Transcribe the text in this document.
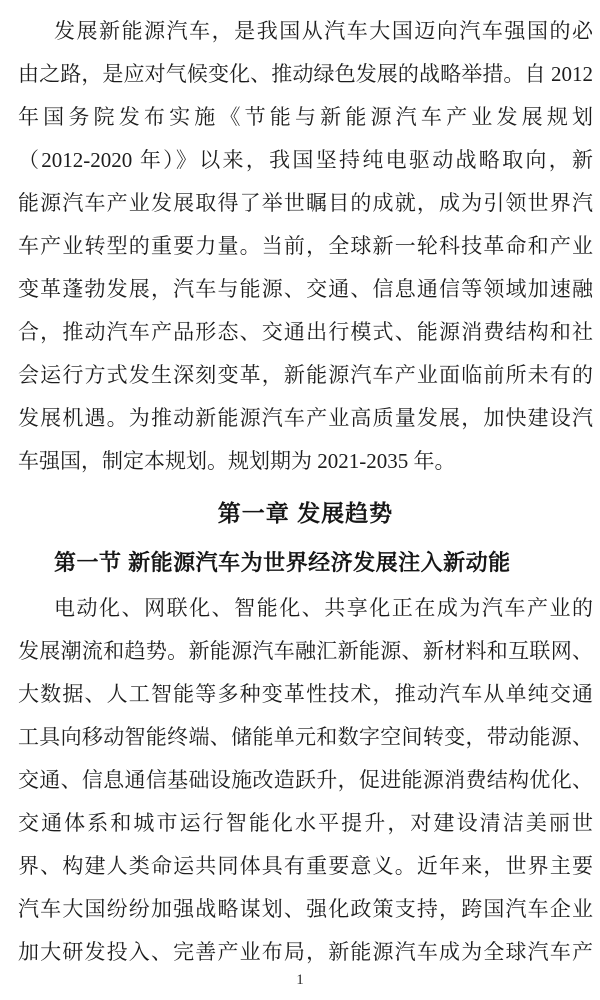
发展新能源汽车，是我国从汽车大国迈向汽车强国的必
由之路，是应对气候变化、推动绿色发展的战略举措。自 2012
年国务院发布实施《节能与新能源汽车产业发展规划
（2012-2020 年）》以来，我国坚持纯电驱动战略取向，新
能源汽车产业发展取得了举世瞩目的成就，成为引领世界汽
车产业转型的重要力量。当前，全球新一轮科技革命和产业
变革蓬勃发展，汽车与能源、交通、信息通信等领域加速融
合，推动汽车产品形态、交通出行模式、能源消费结构和社
会运行方式发生深刻变革，新能源汽车产业面临前所未有的
发展机遇。为推动新能源汽车产业高质量发展，加快建设汽
车强国，制定本规划。规划期为 2021-2035 年。
第一章 发展趋势
第一节 新能源汽车为世界经济发展注入新动能
电动化、网联化、智能化、共享化正在成为汽车产业的
发展潮流和趋势。新能源汽车融汇新能源、新材料和互联网、
大数据、人工智能等多种变革性技术，推动汽车从单纯交通
工具向移动智能终端、储能单元和数字空间转变，带动能源、
交通、信息通信基础设施改造跃升，促进能源消费结构优化、
交通体系和城市运行智能化水平提升，对建设清洁美丽世
界、构建人类命运共同体具有重要意义。近年来，世界主要
汽车大国纷纷加强战略谋划、强化政策支持，跨国汽车企业
加大研发投入、完善产业布局，新能源汽车成为全球汽车产
1
